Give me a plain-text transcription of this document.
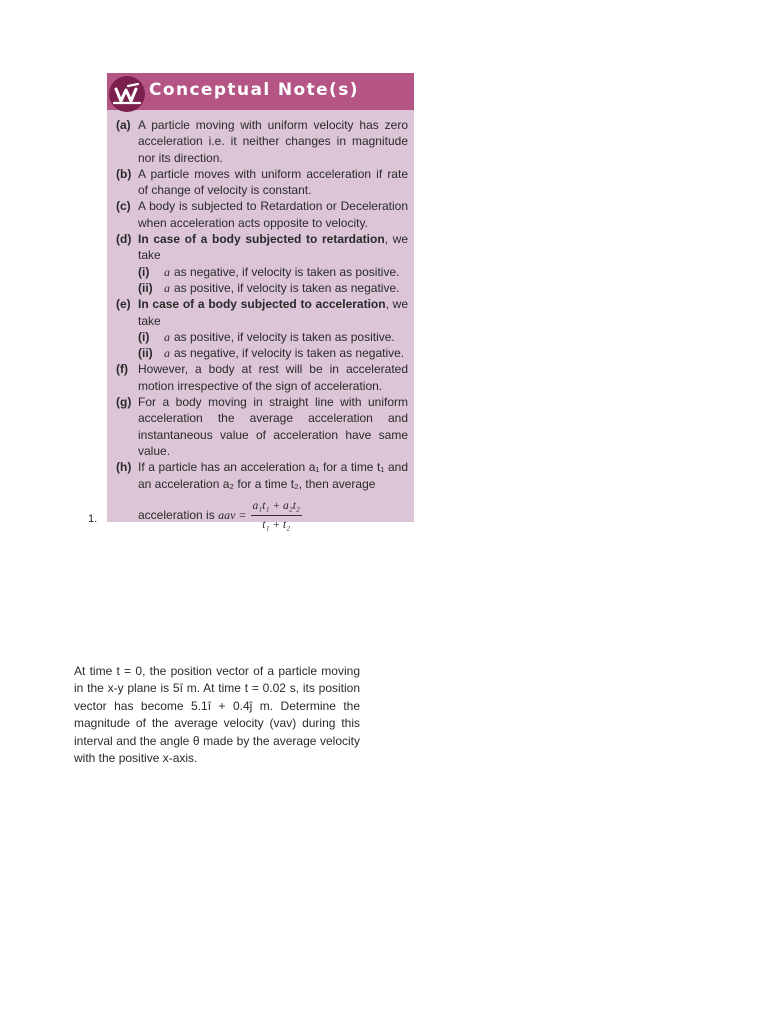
Conceptual Note(s)
(a) A particle moving with uniform velocity has zero acceleration i.e. it neither changes in magnitude nor its direction.
(b) A particle moves with uniform acceleration if rate of change of velocity is constant.
(c) A body is subjected to Retardation or Deceleration when acceleration acts opposite to velocity.
(d) In case of a body subjected to retardation, we take
(i) a as negative, if velocity is taken as positive.
(ii) a as positive, if velocity is taken as negative.
(e) In case of a body subjected to acceleration, we take
(i) a as positive, if velocity is taken as positive.
(ii) a as negative, if velocity is taken as negative.
(f) However, a body at rest will be in accelerated motion irrespective of the sign of acceleration.
(g) For a body moving in straight line with uniform acceleration the average acceleration and instantaneous value of acceleration have same value.
(h) If a particle has an acceleration a₁ for a time t₁ and an acceleration a₂ for a time t₂, then average
acceleration is
aav = $\frac{\text{a₁t₁ + a₂t₂}}{\text{t₁ + t₂}}$
1.
At time t = 0, the position vector of a particle moving in the x-y plane is 5î m. At time t = 0.02 s, its position vector has become 5.1î + 0.4ĵ m. Determine the magnitude of the average velocity (vav) during this interval and the angle θ made by the average velocity with the positive x-axis.
